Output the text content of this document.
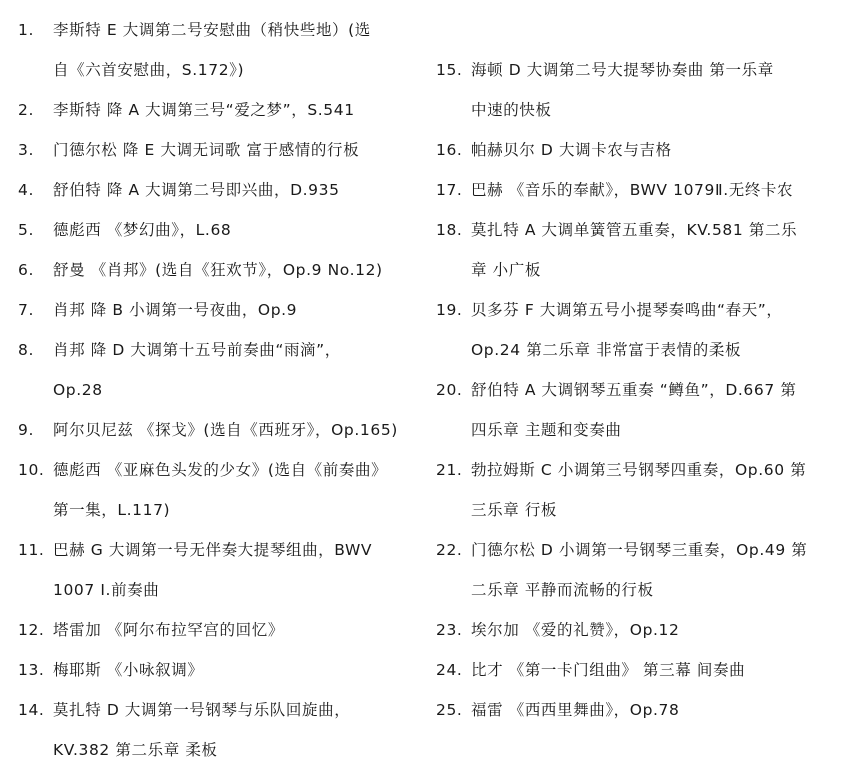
1. 李斯特 E 大调第二号安慰曲（稍快些地）(选
自《六首安慰曲，S.172》)
2. 李斯特 降 A 大调第三号“爱之梦”，S.541
3. 门德尔松 降 E 大调无词歌 富于感情的行板
4. 舒伯特 降 A 大调第二号即兴曲，D.935
5. 德彪西 《梦幻曲》，L.68
6. 舒曼 《肖邦》(选自《狂欢节》，Op.9 No.12)
7. 肖邦 降 B 小调第一号夜曲，Op.9
8. 肖邦 降 D 大调第十五号前奏曲“雨滴”，
Op.28
9. 阿尔贝尼兹 《探戈》(选自《西班牙》，Op.165)
10. 德彪西 《亚麻色头发的少女》(选自《前奏曲》
第一集，L.117)
11. 巴赫 G 大调第一号无伴奏大提琴组曲，BWV
1007 Ⅰ.前奏曲
12. 塔雷加 《阿尔布拉罕宫的回忆》
13. 梅耶斯 《小咏叙调》
14. 莫扎特 D 大调第一号钢琴与乐队回旋曲，
KV.382 第二乐章 柔板
15. 海顿 D 大调第二号大提琴协奏曲 第一乐章
中速的快板
16. 帕赫贝尔 D 大调卡农与吉格
17. 巴赫 《音乐的奉献》，BWV 1079Ⅱ.无终卡农
18. 莫扎特 A 大调单簧管五重奏，KV.581 第二乐
章 小广板
19. 贝多芬 F 大调第五号小提琴奏鸣曲“春天”，
Op.24 第二乐章 非常富于表情的柔板
20. 舒伯特 A 大调钢琴五重奏 “鳟鱼”，D.667 第
四乐章 主题和变奏曲
21. 勃拉姆斯 C 小调第三号钢琴四重奏，Op.60 第
三乐章 行板
22. 门德尔松 D 小调第一号钢琴三重奏，Op.49 第
二乐章 平静而流畅的行板
23. 埃尔加 《爱的礼赞》，Op.12
24. 比才 《第一卡门组曲》 第三幕 间奏曲
25. 福雷 《西西里舞曲》，Op.78
